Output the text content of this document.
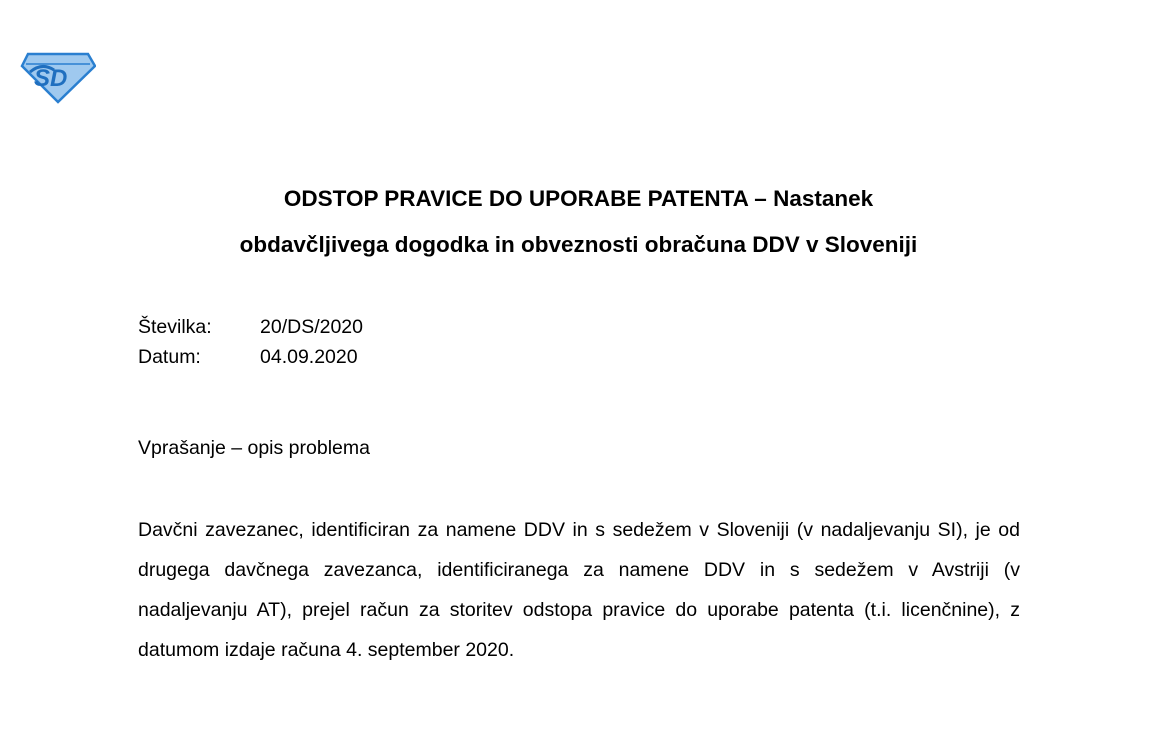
SD
ODSTOP PRAVICE DO UPORABE PATENTA – Nastanek
obdavčljivega dogodka in obveznosti obračuna DDV v Sloveniji
Številka:	20/DS/2020
Datum:	04.09.2020
Vprašanje – opis problema
Davčni zavezanec, identificiran za namene DDV in s sedežem v Sloveniji (v nadaljevanju SI), je od drugega davčnega zavezanca, identificiranega za namene DDV in s sedežem v Avstriji (v nadaljevanju AT), prejel račun za storitev odstopa pravice do uporabe patenta (t.i. licenčnine), z datumom izdaje računa 4. september 2020.
